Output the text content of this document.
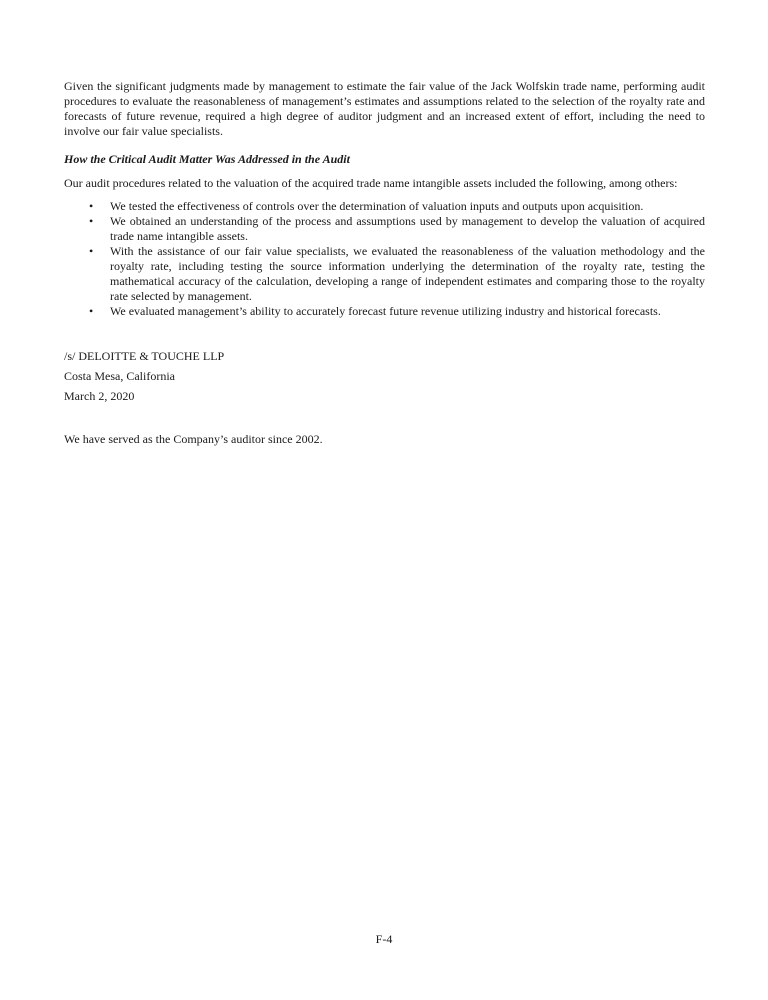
Given the significant judgments made by management to estimate the fair value of the Jack Wolfskin trade name, performing audit procedures to evaluate the reasonableness of management’s estimates and assumptions related to the selection of the royalty rate and forecasts of future revenue, required a high degree of auditor judgment and an increased extent of effort, including the need to involve our fair value specialists.

How the Critical Audit Matter Was Addressed in the Audit

Our audit procedures related to the valuation of the acquired trade name intangible assets included the following, among others:

• We tested the effectiveness of controls over the determination of valuation inputs and outputs upon acquisition.
• We obtained an understanding of the process and assumptions used by management to develop the valuation of acquired trade name intangible assets.
• With the assistance of our fair value specialists, we evaluated the reasonableness of the valuation methodology and the royalty rate, including testing the source information underlying the determination of the royalty rate, testing the mathematical accuracy of the calculation, developing a range of independent estimates and comparing those to the royalty rate selected by management.
• We evaluated management’s ability to accurately forecast future revenue utilizing industry and historical forecasts.
/s/ DELOITTE & TOUCHE LLP
Costa Mesa, California
March 2, 2020

We have served as the Company’s auditor since 2002.

F-4
